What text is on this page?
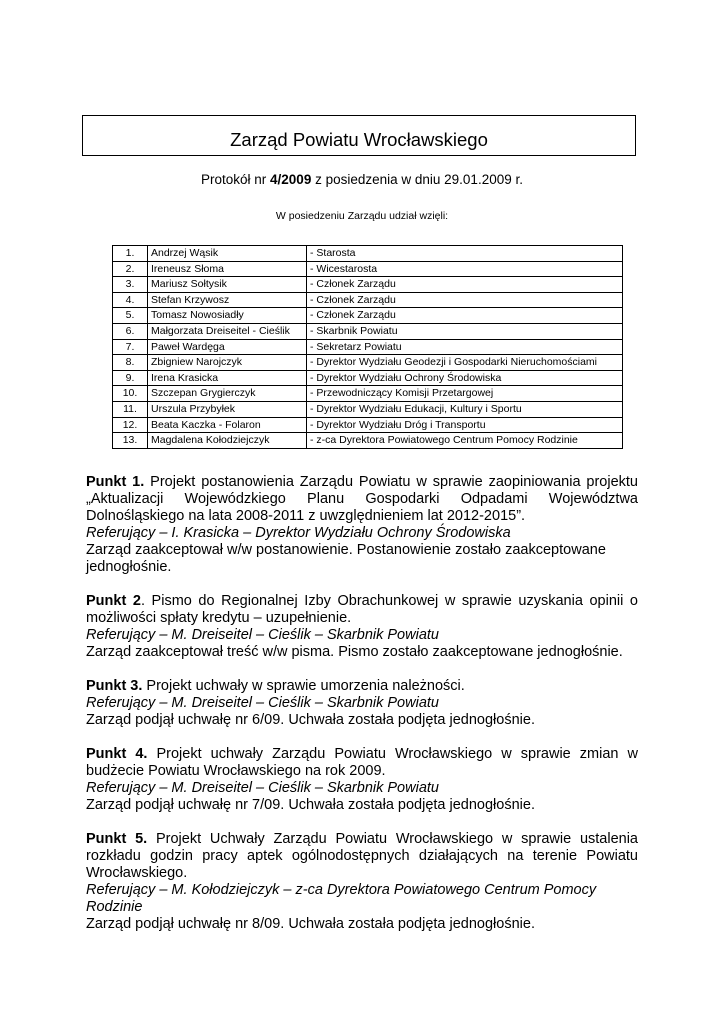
Zarząd Powiatu Wrocławskiego
Protokół nr 4/2009 z posiedzenia w dniu 29.01.2009 r.
W posiedzeniu Zarządu udział wzięli:
1.	Andrzej Wąsik	- Starosta
2.	Ireneusz Słoma	- Wicestarosta
3.	Mariusz Sołtysik	- Członek Zarządu
4.	Stefan Krzywosz	- Członek Zarządu
5.	Tomasz Nowosiadły	- Członek Zarządu
6.	Małgorzata Dreiseitel - Cieślik	- Skarbnik Powiatu
7.	Paweł Wardęga	- Sekretarz Powiatu
8.	Zbigniew Narojczyk	- Dyrektor Wydziału Geodezji i Gospodarki Nieruchomościami
9.	Irena Krasicka	- Dyrektor Wydziału Ochrony Środowiska
10.	Szczepan Grygierczyk	- Przewodniczący Komisji Przetargowej
11.	Urszula Przybyłek	- Dyrektor Wydziału Edukacji, Kultury i Sportu
12.	Beata Kaczka - Folaron	- Dyrektor Wydziału Dróg i Transportu
13.	Magdalena Kołodziejczyk	- z-ca Dyrektora Powiatowego Centrum Pomocy Rodzinie

Punkt 1. Projekt postanowienia Zarządu Powiatu w sprawie zaopiniowania projektu „Aktualizacji Wojewódzkiego Planu Gospodarki Odpadami Województwa Dolnośląskiego na lata 2008-2011 z uwzględnieniem lat 2012-2015”.

Referujący – I. Krasicka – Dyrektor Wydziału Ochrony Środowiska

Zarząd zaakceptował w/w postanowienie. Postanowienie zostało zaakceptowane jednogłośnie.

Punkt 2. Pismo do Regionalnej Izby Obrachunkowej w sprawie uzyskania opinii o możliwości spłaty kredytu – uzupełnienie.

Referujący – M. Dreiseitel – Cieślik – Skarbnik Powiatu

Zarząd zaakceptował treść w/w pisma. Pismo zostało zaakceptowane jednogłośnie.

Punkt 3. Projekt uchwały w sprawie umorzenia należności.

Referujący – M. Dreiseitel – Cieślik – Skarbnik Powiatu

Zarząd podjął uchwałę nr 6/09. Uchwała została podjęta jednogłośnie.

Punkt 4. Projekt uchwały Zarządu Powiatu Wrocławskiego w sprawie zmian w budżecie Powiatu Wrocławskiego na rok 2009.

Referujący – M. Dreiseitel – Cieślik – Skarbnik Powiatu

Zarząd podjął uchwałę nr 7/09. Uchwała została podjęta jednogłośnie.

Punkt 5. Projekt Uchwały Zarządu Powiatu Wrocławskiego w sprawie ustalenia rozkładu godzin pracy aptek ogólnodostępnych działających na terenie Powiatu Wrocławskiego.

Referujący – M. Kołodziejczyk – z-ca Dyrektora Powiatowego Centrum Pomocy Rodzinie

Zarząd podjął uchwałę nr 8/09. Uchwała została podjęta jednogłośnie.
